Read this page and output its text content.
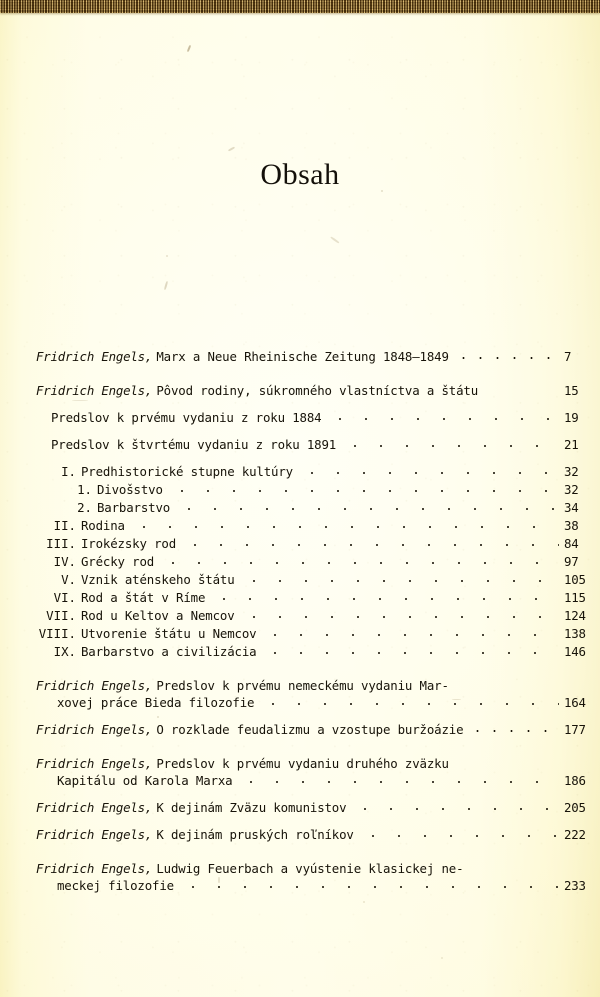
Obsah
Fridrich Engels, Marx a Neue Rheinische Zeitung 1848—1849	7
Fridrich Engels, Pôvod rodiny, súkromného vlastníctva a štátu	15
Predslov k prvému vydaniu z roku 1884	19
Predslov k štvrtému vydaniu z roku 1891	21
I. Predhistorické stupne kultúry	32
1. Divošstvo	32
2. Barbarstvo	34
II. Rodina	38
III. Irokézsky rod	84
IV. Grécky rod	97
V. Vznik aténskeho štátu	105
VI. Rod a štát v Ríme	115
VII. Rod u Keltov a Nemcov	124
VIII. Utvorenie štátu u Nemcov	138
IX. Barbarstvo a civilizácia	146
Fridrich Engels, Predslov k prvému nemeckému vydaniu Mar-
xovej práce Bieda filozofie	164
Fridrich Engels, O rozklade feudalizmu a vzostupe buržoázie	177
Fridrich Engels, Predslov k prvému vydaniu druhého zväzku
Kapitálu od Karola Marxa	186
Fridrich Engels, K dejinám Zväzu komunistov	205
Fridrich Engels, K dejinám pruských roľníkov	222
Fridrich Engels, Ludwig Feuerbach a vyústenie klasickej ne-
meckej filozofie	233
